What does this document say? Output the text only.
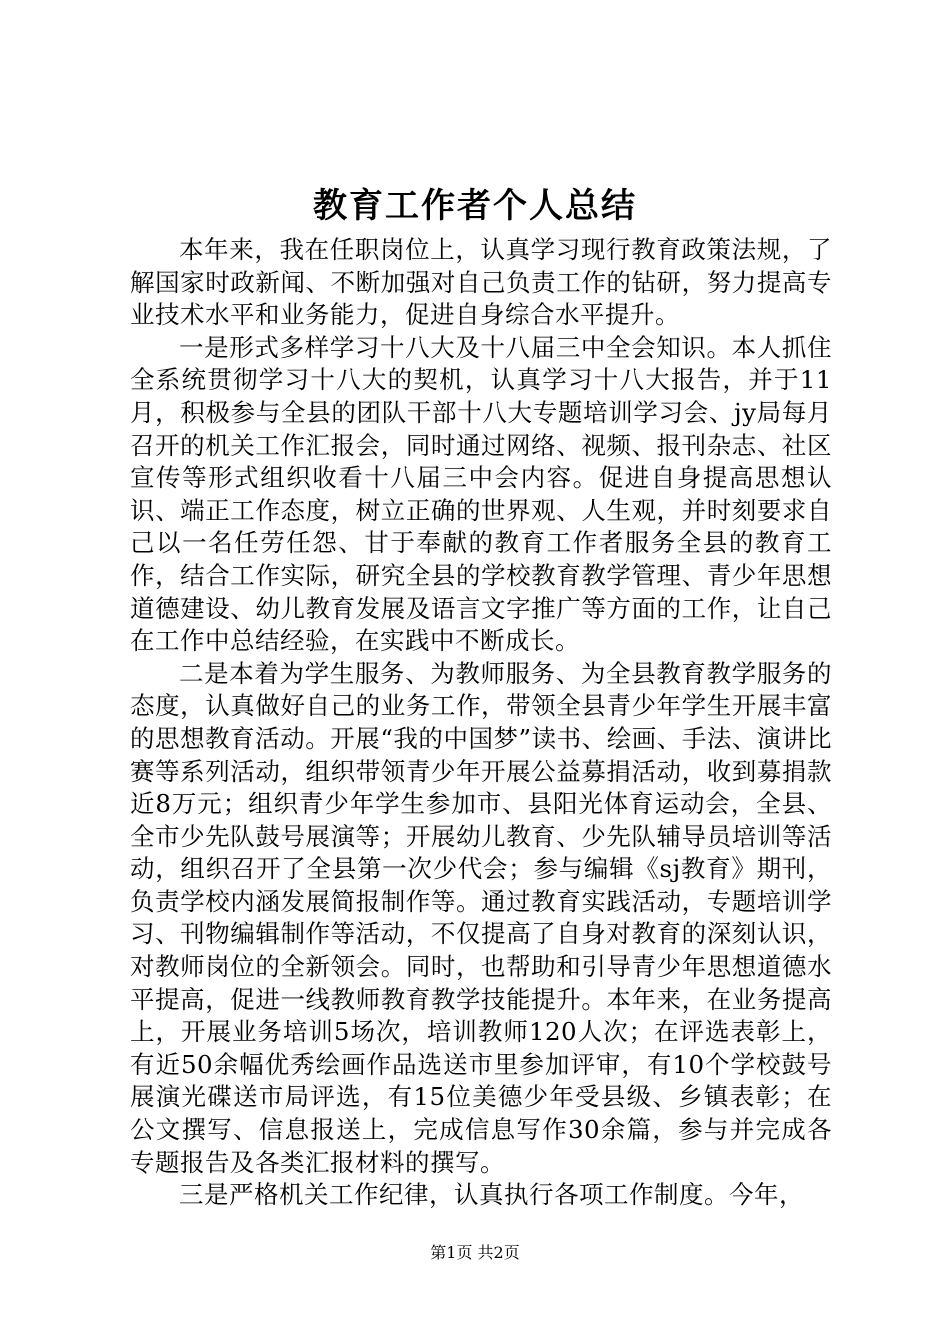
教育工作者个人总结

本年来，我在任职岗位上，认真学习现行教育政策法规，了解国家时政新闻、不断加强对自己负责工作的钻研，努力提高专业技术水平和业务能力，促进自身综合水平提升。

一是形式多样学习十八大及十八届三中全会知识。本人抓住全系统贯彻学习十八大的契机，认真学习十八大报告，并于11月，积极参与全县的团队干部十八大专题培训学习会、jy局每月召开的机关工作汇报会，同时通过网络、视频、报刊杂志、社区宣传等形式组织收看十八届三中会内容。促进自身提高思想认识、端正工作态度，树立正确的世界观、人生观，并时刻要求自己以一名任劳任怨、甘于奉献的教育工作者服务全县的教育工作，结合工作实际，研究全县的学校教育教学管理、青少年思想道德建设、幼儿教育发展及语言文字推广等方面的工作，让自己在工作中总结经验，在实践中不断成长。

二是本着为学生服务、为教师服务、为全县教育教学服务的态度，认真做好自己的业务工作，带领全县青少年学生开展丰富的思想教育活动。开展“我的中国梦”读书、绘画、手法、演讲比赛等系列活动，组织带领青少年开展公益募捐活动，收到募捐款近8万元；组织青少年学生参加市、县阳光体育运动会，全县、全市少先队鼓号展演等；开展幼儿教育、少先队辅导员培训等活动，组织召开了全县第一次少代会；参与编辑《sj教育》期刊，负责学校内涵发展简报制作等。通过教育实践活动，专题培训学习、刊物编辑制作等活动，不仅提高了自身对教育的深刻认识，对教师岗位的全新领会。同时，也帮助和引导青少年思想道德水平提高，促进一线教师教育教学技能提升。本年来，在业务提高上，开展业务培训5场次，培训教师120人次；在评选表彰上，有近50余幅优秀绘画作品选送市里参加评审，有10个学校鼓号展演光碟送市局评选，有15位美德少年受县级、乡镇表彰；在公文撰写、信息报送上，完成信息写作30余篇，参与并完成各专题报告及各类汇报材料的撰写。

三是严格机关工作纪律，认真执行各项工作制度。今年，

第1页 共2页
